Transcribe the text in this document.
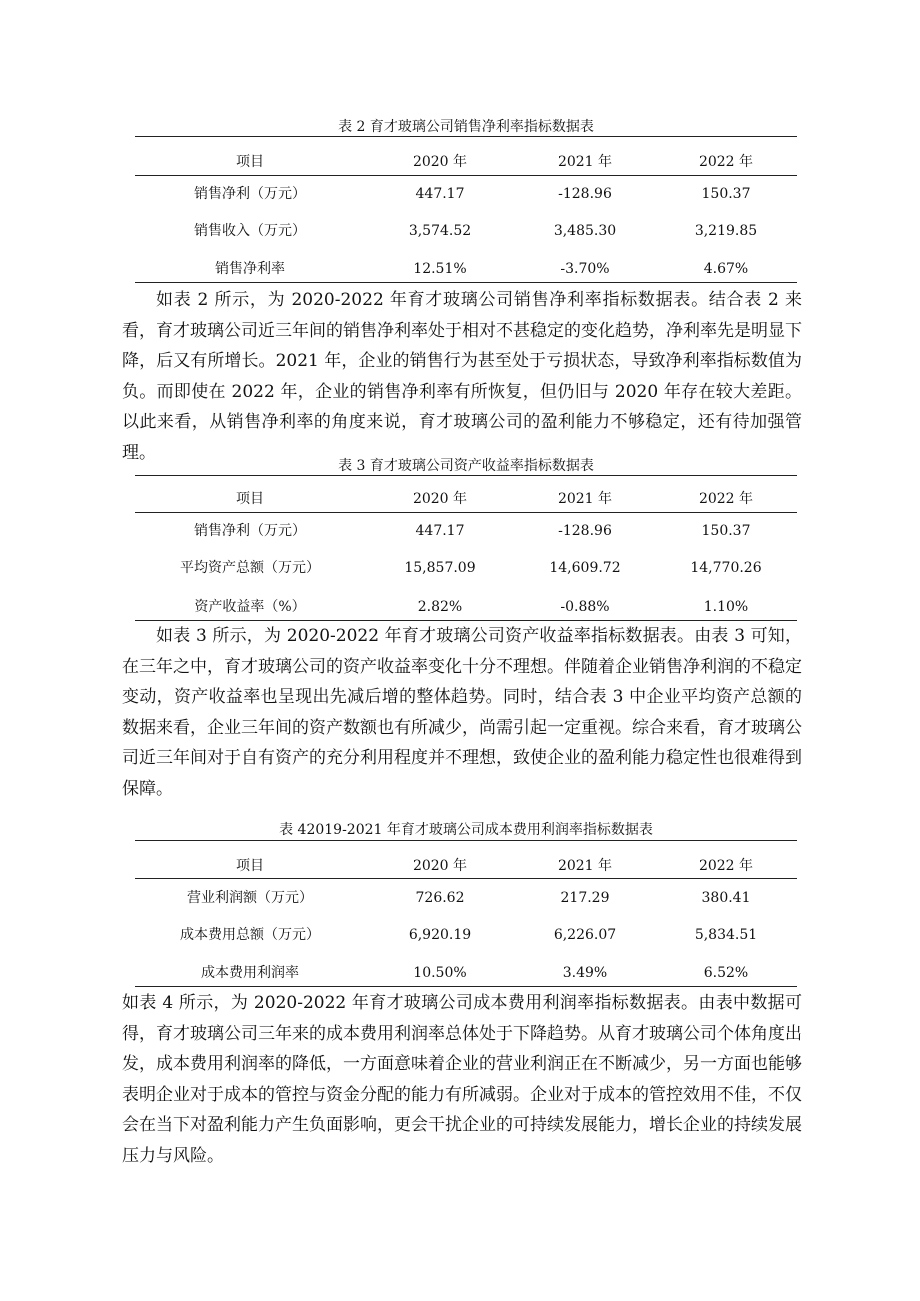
表 2 育才玻璃公司销售净利率指标数据表
项目	2020 年	2021 年	2022 年
销售净利（万元）	447.17	-128.96	150.37
销售收入（万元）	3,574.52	3,485.30	3,219.85
销售净利率	12.51%	-3.70%	4.67%

如表 2 所示，为 2020-2022 年育才玻璃公司销售净利率指标数据表。结合表 2 来看，育才玻璃公司近三年间的销售净利率处于相对不甚稳定的变化趋势，净利率先是明显下降，后又有所增长。2021 年，企业的销售行为甚至处于亏损状态，导致净利率指标数值为负。而即使在 2022 年，企业的销售净利率有所恢复，但仍旧与 2020 年存在较大差距。以此来看，从销售净利率的角度来说，育才玻璃公司的盈利能力不够稳定，还有待加强管理。

表 3 育才玻璃公司资产收益率指标数据表
项目	2020 年	2021 年	2022 年
销售净利（万元）	447.17	-128.96	150.37
平均资产总额（万元）	15,857.09	14,609.72	14,770.26
资产收益率（%）	2.82%	-0.88%	1.10%

如表 3 所示，为 2020-2022 年育才玻璃公司资产收益率指标数据表。由表 3 可知，在三年之中，育才玻璃公司的资产收益率变化十分不理想。伴随着企业销售净利润的不稳定变动，资产收益率也呈现出先减后增的整体趋势。同时，结合表 3 中企业平均资产总额的数据来看，企业三年间的资产数额也有所减少，尚需引起一定重视。综合来看，育才玻璃公司近三年间对于自有资产的充分利用程度并不理想，致使企业的盈利能力稳定性也很难得到保障。

表 42019-2021 年育才玻璃公司成本费用利润率指标数据表
项目	2020 年	2021 年	2022 年
营业利润额（万元）	726.62	217.29	380.41
成本费用总额（万元）	6,920.19	6,226.07	5,834.51
成本费用利润率	10.50%	3.49%	6.52%

如表 4 所示，为 2020-2022 年育才玻璃公司成本费用利润率指标数据表。由表中数据可得，育才玻璃公司三年来的成本费用利润率总体处于下降趋势。从育才玻璃公司个体角度出发，成本费用利润率的降低，一方面意味着企业的营业利润正在不断减少，另一方面也能够表明企业对于成本的管控与资金分配的能力有所减弱。企业对于成本的管控效用不佳，不仅会在当下对盈利能力产生负面影响，更会干扰企业的可持续发展能力，增长企业的持续发展压力与风险。
